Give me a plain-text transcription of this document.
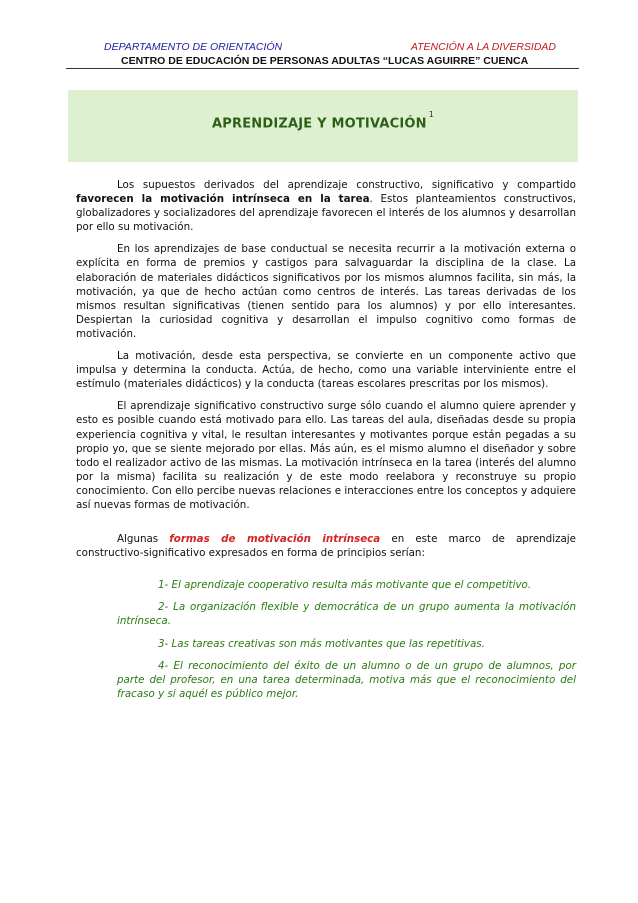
DEPARTAMENTO DE ORIENTACIÓN	ATENCIÓN A LA DIVERSIDAD
CENTRO DE EDUCACIÓN DE PERSONAS ADULTAS “LUCAS AGUIRRE” CUENCA
APRENDIZAJE Y MOTIVACIÓN$^1$

Los supuestos derivados del aprendizaje constructivo, significativo y compartido favorecen la motivación intrínseca en la tarea. Estos planteamientos constructivos, globalizadores y socializadores del aprendizaje favorecen el interés de los alumnos y desarrollan por ello su motivación.

En los aprendizajes de base conductual se necesita recurrir a la motivación externa o explícita en forma de premios y castigos para salvaguardar la disciplina de la clase. La elaboración de materiales didácticos significativos por los mismos alumnos facilita, sin más, la motivación, ya que de hecho actúan como centros de interés. Las tareas derivadas de los mismos resultan significativas (tienen sentido para los alumnos) y por ello interesantes. Despiertan la curiosidad cognitiva y desarrollan el impulso cognitivo como formas de motivación.

La motivación, desde esta perspectiva, se convierte en un componente activo que impulsa y determina la conducta. Actúa, de hecho, como una variable interviniente entre el estímulo (materiales didácticos) y la conducta (tareas escolares prescritas por los mismos).

El aprendizaje significativo constructivo surge sólo cuando el alumno quiere aprender y esto es posible cuando está motivado para ello. Las tareas del aula, diseñadas desde su propia experiencia cognitiva y vital, le resultan interesantes y motivantes porque están pegadas a su propio yo, que se siente mejorado por ellas. Más aún, es el mismo alumno el diseñador y sobre todo el realizador activo de las mismas. La motivación intrínseca en la tarea (interés del alumno por la misma) facilita su realización y de este modo reelabora y reconstruye su propio conocimiento. Con ello percibe nuevas relaciones e interacciones entre los conceptos y adquiere así nuevas formas de motivación.

Algunas formas de motivación intrínseca en este marco de aprendizaje constructivo-significativo expresados en forma de principios serían:

1- El aprendizaje cooperativo resulta más motivante que el competitivo.

2- La organización flexible y democrática de un grupo aumenta la motivación intrínseca.

3- Las tareas creativas son más motivantes que las repetitivas.

4- El reconocimiento del éxito de un alumno o de un grupo de alumnos, por parte del profesor, en una tarea determinada, motiva más que el reconocimiento del fracaso y si aquél es público mejor.
